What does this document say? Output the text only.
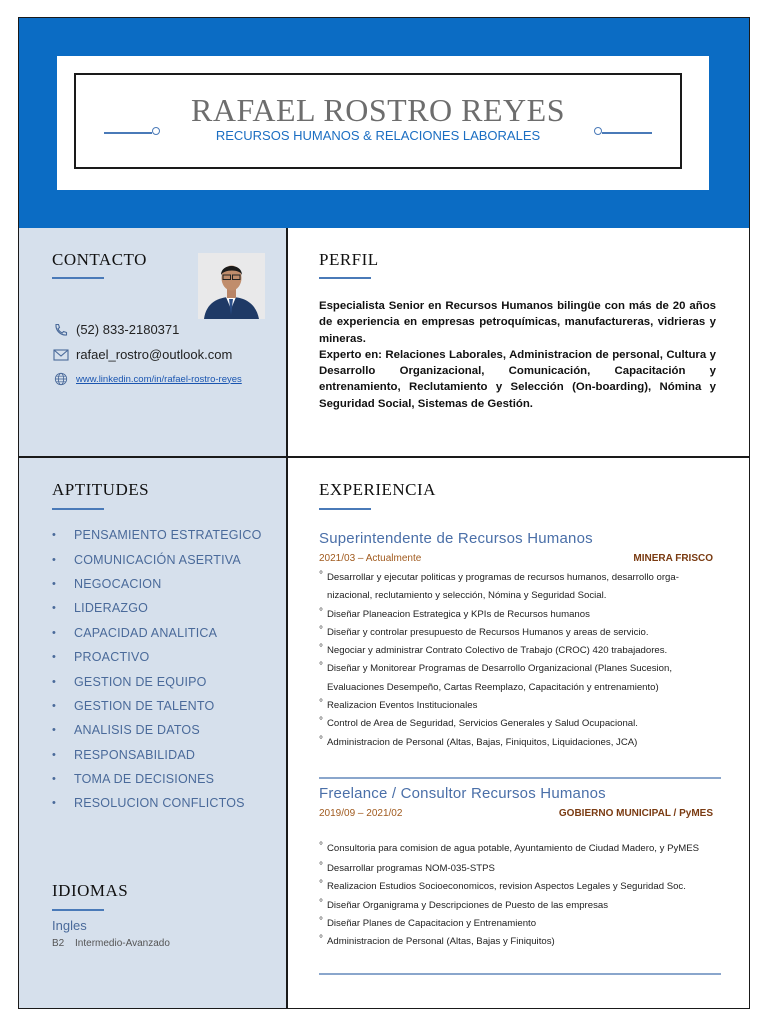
RAFAEL ROSTRO REYES
RECURSOS HUMANOS & RELACIONES LABORALES
CONTACTO
(52) 833-2180371
rafael_rostro@outlook.com
www.linkedin.com/in/rafael-rostro-reyes
PERFIL

Especialista Senior en Recursos Humanos bilingüe con más de 20 años de experiencia en empresas petroquímicas, manufactureras, vidrieras y mineras.

Experto en: Relaciones Laborales, Administracion de personal, Cultura y Desarrollo Organizacional, Comunicación, Capacitación y entrenamiento, Reclutamiento y Selección (On-boarding), Nómina y Seguridad Social, Sistemas de Gestión.

APTITUDES
•	PENSAMIENTO ESTRATEGICO
•	COMUNICACIÓN ASERTIVA
•	NEGOCACION
•	LIDERAZGO
•	CAPACIDAD ANALITICA
•	PROACTIVO
•	GESTION DE EQUIPO
•	GESTION DE TALENTO
•	ANALISIS DE DATOS
•	RESPONSABILIDAD
•	TOMA DE DECISIONES
•	RESOLUCION CONFLICTOS
IDIOMAS
Ingles
B2 Intermedio-Avanzado
EXPERIENCIA
Superintendente de Recursos Humanos
2021/03 – Actualmente	MINERA FRISCO
° Desarrollar y ejecutar politicas y programas de recursos humanos, desarrollo orga-
nizacional, reclutamiento y selección, Nómina y Seguridad Social.
° Diseñar Planeacion Estrategica y KPIs de Recursos humanos
° Diseñar y controlar presupuesto de Recursos Humanos y areas de servicio.
° Negociar y administrar Contrato Colectivo de Trabajo (CROC) 420 trabajadores.
° Diseñar y Monitorear Programas de Desarrollo Organizacional (Planes Sucesion,
Evaluaciones Desempeño, Cartas Reemplazo, Capacitación y entrenamiento)
° Realizacion Eventos Institucionales
° Control de Area de Seguridad, Servicios Generales y Salud Ocupacional.
° Administracion de Personal (Altas, Bajas, Finiquitos, Liquidaciones, JCA)
Freelance / Consultor Recursos Humanos
2019/09 – 2021/02	GOBIERNO MUNICIPAL / PyMES
° Consultoria para comision de agua potable, Ayuntamiento de Ciudad Madero, y PyMES
° Desarrollar programas NOM-035-STPS
° Realizacion Estudios Socioeconomicos, revision Aspectos Legales y Seguridad Soc.
° Diseñar Organigrama y Descripciones de Puesto de las empresas
° Diseñar Planes de Capacitacion y Entrenamiento
° Administracion de Personal (Altas, Bajas y Finiquitos)
